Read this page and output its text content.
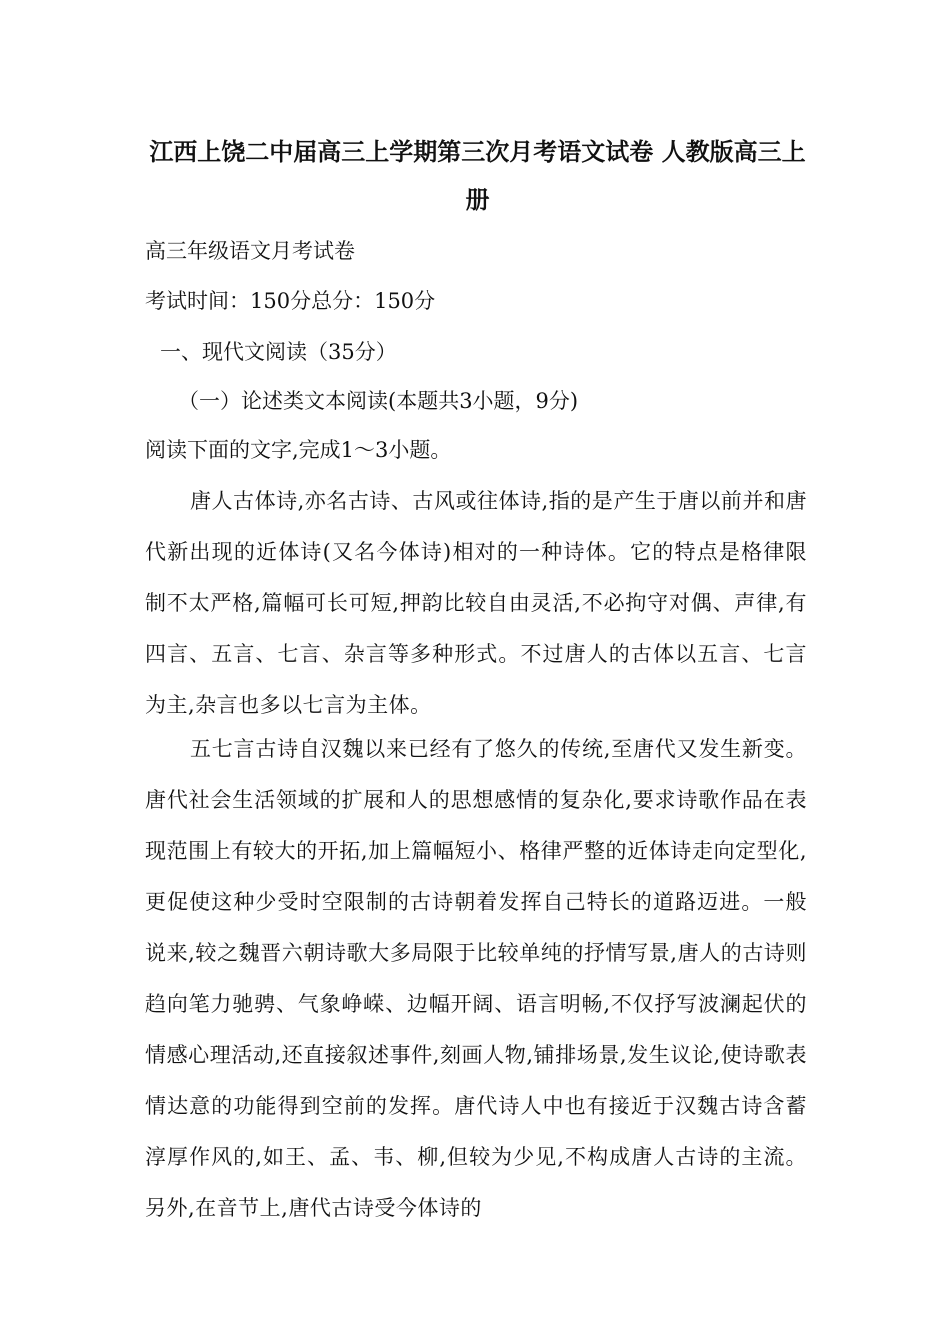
江西上饶二中届高三上学期第三次月考语文试卷 人教版高三上
册
高三年级语文月考试卷
考试时间：150分总分：150分
一、现代文阅读（35分）
（一）论述类文本阅读(本题共3小题，9分)
阅读下面的文字,完成1～3小题。

唐人古体诗,亦名古诗、古风或往体诗,指的是产生于唐以前并和唐代新出现的近体诗(又名今体诗)相对的一种诗体。它的特点是格律限制不太严格,篇幅可长可短,押韵比较自由灵活,不必拘守对偶、声律,有四言、五言、七言、杂言等多种形式。不过唐人的古体以五言、七言为主,杂言也多以七言为主体。

五七言古诗自汉魏以来已经有了悠久的传统,至唐代又发生新变。唐代社会生活领域的扩展和人的思想感情的复杂化,要求诗歌作品在表现范围上有较大的开拓,加上篇幅短小、格律严整的近体诗走向定型化,更促使这种少受时空限制的古诗朝着发挥自己特长的道路迈进。一般说来,较之魏晋六朝诗歌大多局限于比较单纯的抒情写景,唐人的古诗则趋向笔力驰骋、气象峥嵘、边幅开阔、语言明畅,不仅抒写波澜起伏的情感心理活动,还直接叙述事件,刻画人物,铺排场景,发生议论,使诗歌表情达意的功能得到空前的发挥。唐代诗人中也有接近于汉魏古诗含蓄淳厚作风的,如王、孟、韦、柳,但较为少见,不构成唐人古诗的主流。另外,在音节上,唐代古诗受今体诗的
